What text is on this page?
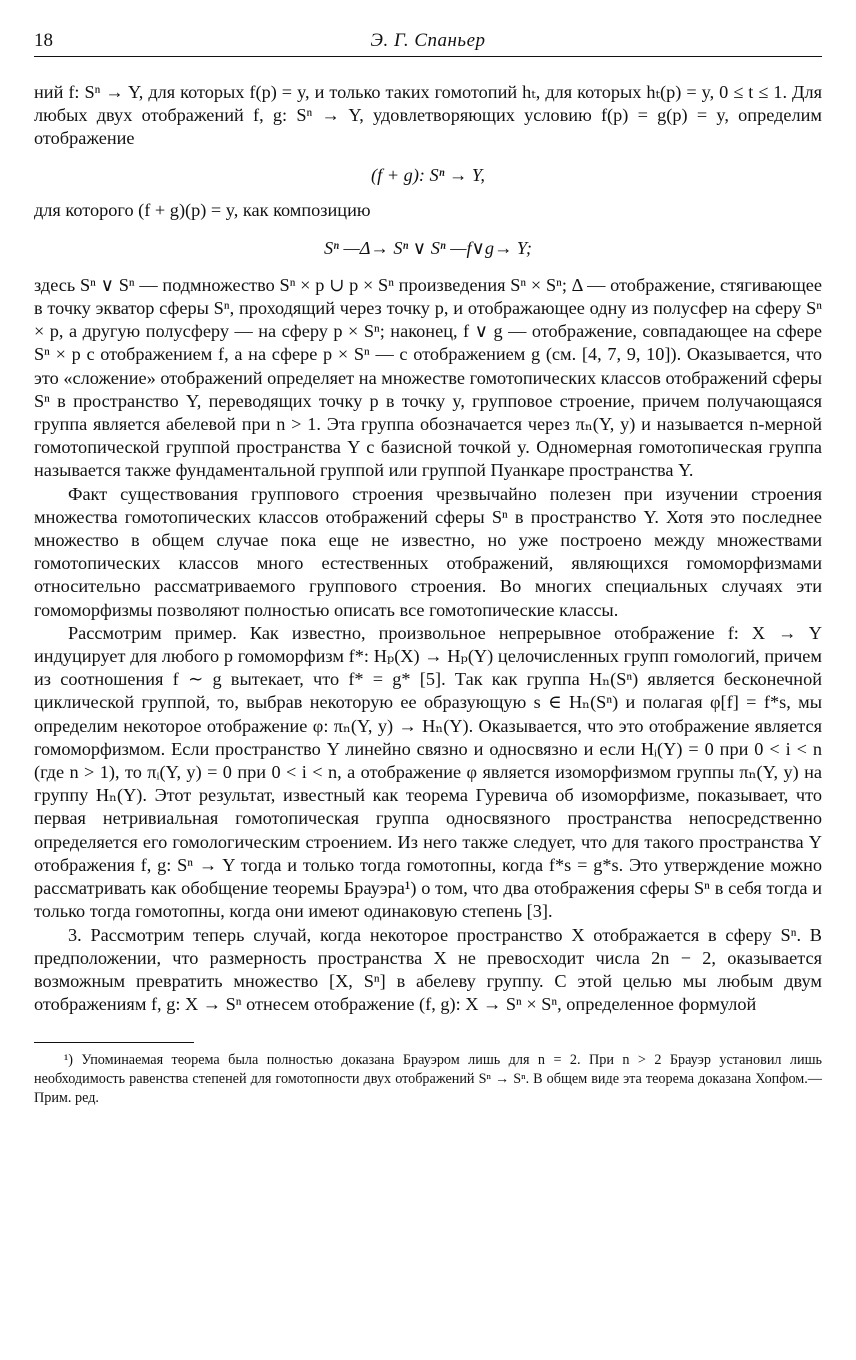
18	Э. Г. Спаньер

ний f: Sⁿ → Y, для которых f(p) = y, и только таких гомотопий hₜ, для которых hₜ(p) = y, 0 ≤ t ≤ 1. Для любых двух отображений f, g: Sⁿ → Y, удовлетворяющих условию f(p) = g(p) = y, определим отображение

(f + g): Sⁿ → Y,

для которого (f + g)(p) = y, как композицию

Sⁿ —Δ→ Sⁿ ∨ Sⁿ —f∨g→ Y;

здесь Sⁿ ∨ Sⁿ — подмножество Sⁿ × p ∪ p × Sⁿ произведения Sⁿ × Sⁿ; Δ — отображение, стягивающее в точку экватор сферы Sⁿ, проходящий через точку p, и отображающее одну из полусфер на сферу Sⁿ × p, а другую полусферу — на сферу p × Sⁿ; наконец, f ∨ g — отображение, совпадающее на сфере Sⁿ × p с отображением f, а на сфере p × Sⁿ — с отображением g (см. [4, 7, 9, 10]). Оказывается, что это «сложение» отображений определяет на множестве гомотопических классов отображений сферы Sⁿ в пространство Y, переводящих точку p в точку y, групповое строение, причем получающаяся группа является абелевой при n > 1. Эта группа обозначается через πₙ(Y, y) и называется n-мерной гомотопической группой пространства Y с базисной точкой y. Одномерная гомотопическая группа называется также фундаментальной группой или группой Пуанкаре пространства Y.

Факт существования группового строения чрезвычайно полезен при изучении строения множества гомотопических классов отображений сферы Sⁿ в пространство Y. Хотя это последнее множество в общем случае пока еще не известно, но уже построено между множествами гомотопических классов много естественных отображений, являющихся гомоморфизмами относительно рассматриваемого группового строения. Во многих специальных случаях эти гомоморфизмы позволяют полностью описать все гомотопические классы.

Рассмотрим пример. Как известно, произвольное непрерывное отображение f: X → Y индуцирует для любого p гомоморфизм f*: Hₚ(X) → Hₚ(Y) целочисленных групп гомологий, причем из соотношения f ∼ g вытекает, что f* = g* [5]. Так как группа Hₙ(Sⁿ) является бесконечной циклической группой, то, выбрав некоторую ее образующую s ∈ Hₙ(Sⁿ) и полагая φ[f] = f*s, мы определим некоторое отображение φ: πₙ(Y, y) → Hₙ(Y). Оказывается, что это отображение является гомоморфизмом. Если пространство Y линейно связно и односвязно и если Hᵢ(Y) = 0 при 0 < i < n (где n > 1), то πᵢ(Y, y) = 0 при 0 < i < n, а отображение φ является изоморфизмом группы πₙ(Y, y) на группу Hₙ(Y). Этот результат, известный как теорема Гуревича об изоморфизме, показывает, что первая нетривиальная гомотопическая группа односвязного пространства непосредственно определяется его гомологическим строением. Из него также следует, что для такого пространства Y отображения f, g: Sⁿ → Y тогда и только тогда гомотопны, когда f*s = g*s. Это утверждение можно рассматривать как обобщение теоремы Брауэра¹) о том, что два отображения сферы Sⁿ в себя тогда и только тогда гомотопны, когда они имеют одинаковую степень [3].

3. Рассмотрим теперь случай, когда некоторое пространство X отображается в сферу Sⁿ. В предположении, что размерность пространства X не превосходит числа 2n − 2, оказывается возможным превратить множество [X, Sⁿ] в абелеву группу. С этой целью мы любым двум отображениям f, g: X → Sⁿ отнесем отображение (f, g): X → Sⁿ × Sⁿ, определенное формулой

¹) Упоминаемая теорема была полностью доказана Брауэром лишь для n = 2. При n > 2 Брауэр установил лишь необходимость равенства степеней для гомотопности двух отображений Sⁿ → Sⁿ. В общем виде эта теорема доказана Хопфом.— Прим. ред.
